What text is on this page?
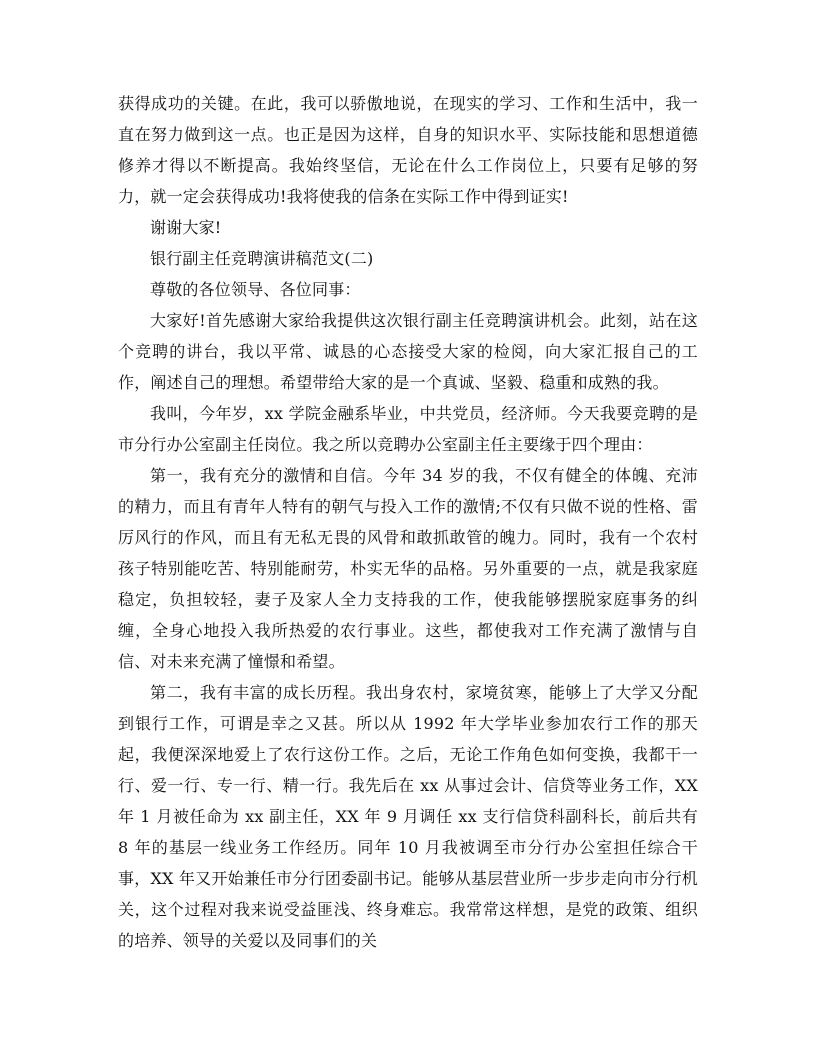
获得成功的关键。在此，我可以骄傲地说，在现实的学习、工作和生活中，我一直在努力做到这一点。也正是因为这样，自身的知识水平、实际技能和思想道德修养才得以不断提高。我始终坚信，无论在什么工作岗位上，只要有足够的努力，就一定会获得成功!我将使我的信条在实际工作中得到证实!

谢谢大家!

银行副主任竞聘演讲稿范文(二)

尊敬的各位领导、各位同事：

大家好!首先感谢大家给我提供这次银行副主任竞聘演讲机会。此刻，站在这个竞聘的讲台，我以平常、诚恳的心态接受大家的检阅，向大家汇报自己的工作，阐述自己的理想。希望带给大家的是一个真诚、坚毅、稳重和成熟的我。

我叫，今年岁，xx 学院金融系毕业，中共党员，经济师。今天我要竞聘的是市分行办公室副主任岗位。我之所以竞聘办公室副主任主要缘于四个理由：

第一，我有充分的激情和自信。今年 34 岁的我，不仅有健全的体魄、充沛的精力，而且有青年人特有的朝气与投入工作的激情;不仅有只做不说的性格、雷厉风行的作风，而且有无私无畏的风骨和敢抓敢管的魄力。同时，我有一个农村孩子特别能吃苦、特别能耐劳，朴实无华的品格。另外重要的一点，就是我家庭稳定，负担较轻，妻子及家人全力支持我的工作，使我能够摆脱家庭事务的纠缠，全身心地投入我所热爱的农行事业。这些，都使我对工作充满了激情与自信、对未来充满了憧憬和希望。

第二，我有丰富的成长历程。我出身农村，家境贫寒，能够上了大学又分配到银行工作，可谓是幸之又甚。所以从 1992 年大学毕业参加农行工作的那天起，我便深深地爱上了农行这份工作。之后，无论工作角色如何变换，我都干一行、爱一行、专一行、精一行。我先后在 xx 从事过会计、信贷等业务工作，XX 年 1 月被任命为 xx 副主任，XX 年 9 月调任 xx 支行信贷科副科长，前后共有 8 年的基层一线业务工作经历。同年 10 月我被调至市分行办公室担任综合干事，XX 年又开始兼任市分行团委副书记。能够从基层营业所一步步走向市分行机关，这个过程对我来说受益匪浅、终身难忘。我常常这样想，是党的政策、组织的培养、领导的关爱以及同事们的关
